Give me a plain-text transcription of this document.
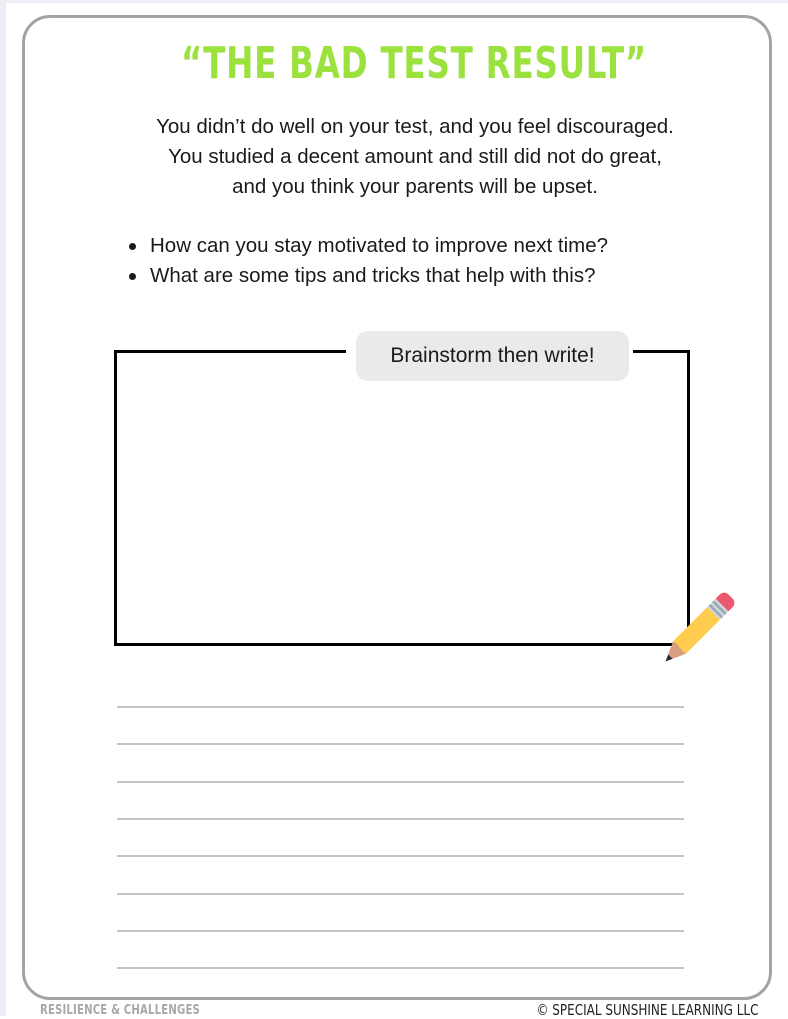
“THE BAD TEST RESULT”
You didn’t do well on your test, and you feel discouraged.
You studied a decent amount and still did not do great,
and you think your parents will be upset.
How can you stay motivated to improve next time?
What are some tips and tricks that help with this?
Brainstorm then write!
RESILIENCE & CHALLENGES	© SPECIAL SUNSHINE LEARNING LLC
